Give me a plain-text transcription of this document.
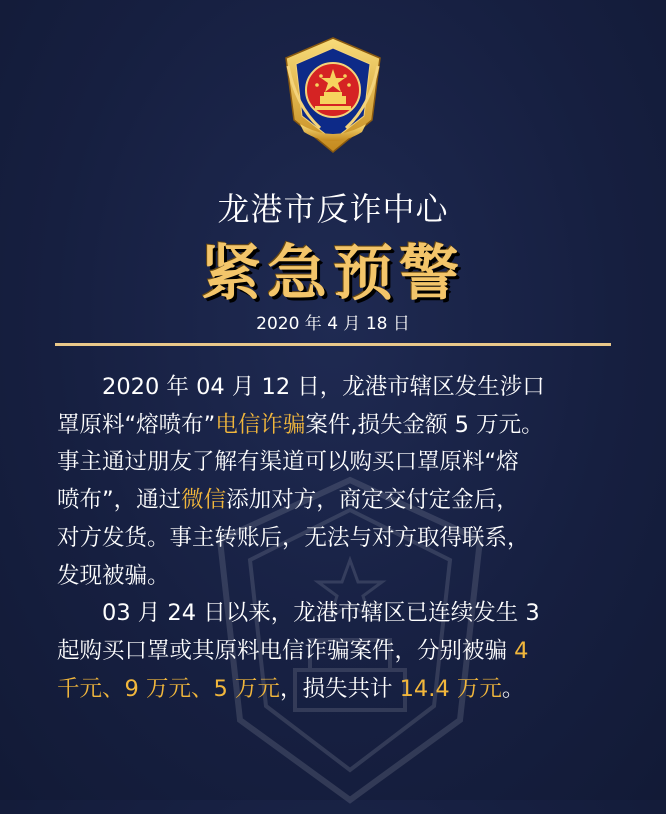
龙港市反诈中心
紧急预警
2020 年 4 月 18 日

2020 年 04 月 12 日，龙港市辖区发生涉口
罩原料“熔喷布”电信诈骗案件,损失金额 5 万元。
事主通过朋友了解有渠道可以购买口罩原料“熔
喷布”，通过微信添加对方，商定交付定金后，
对方发货。事主转账后，无法与对方取得联系，
发现被骗。

03 月 24 日以来，龙港市辖区已连续发生 3
起购买口罩或其原料电信诈骗案件，分别被骗 4
千元、9 万元、5 万元，损失共计 14.4 万元。
